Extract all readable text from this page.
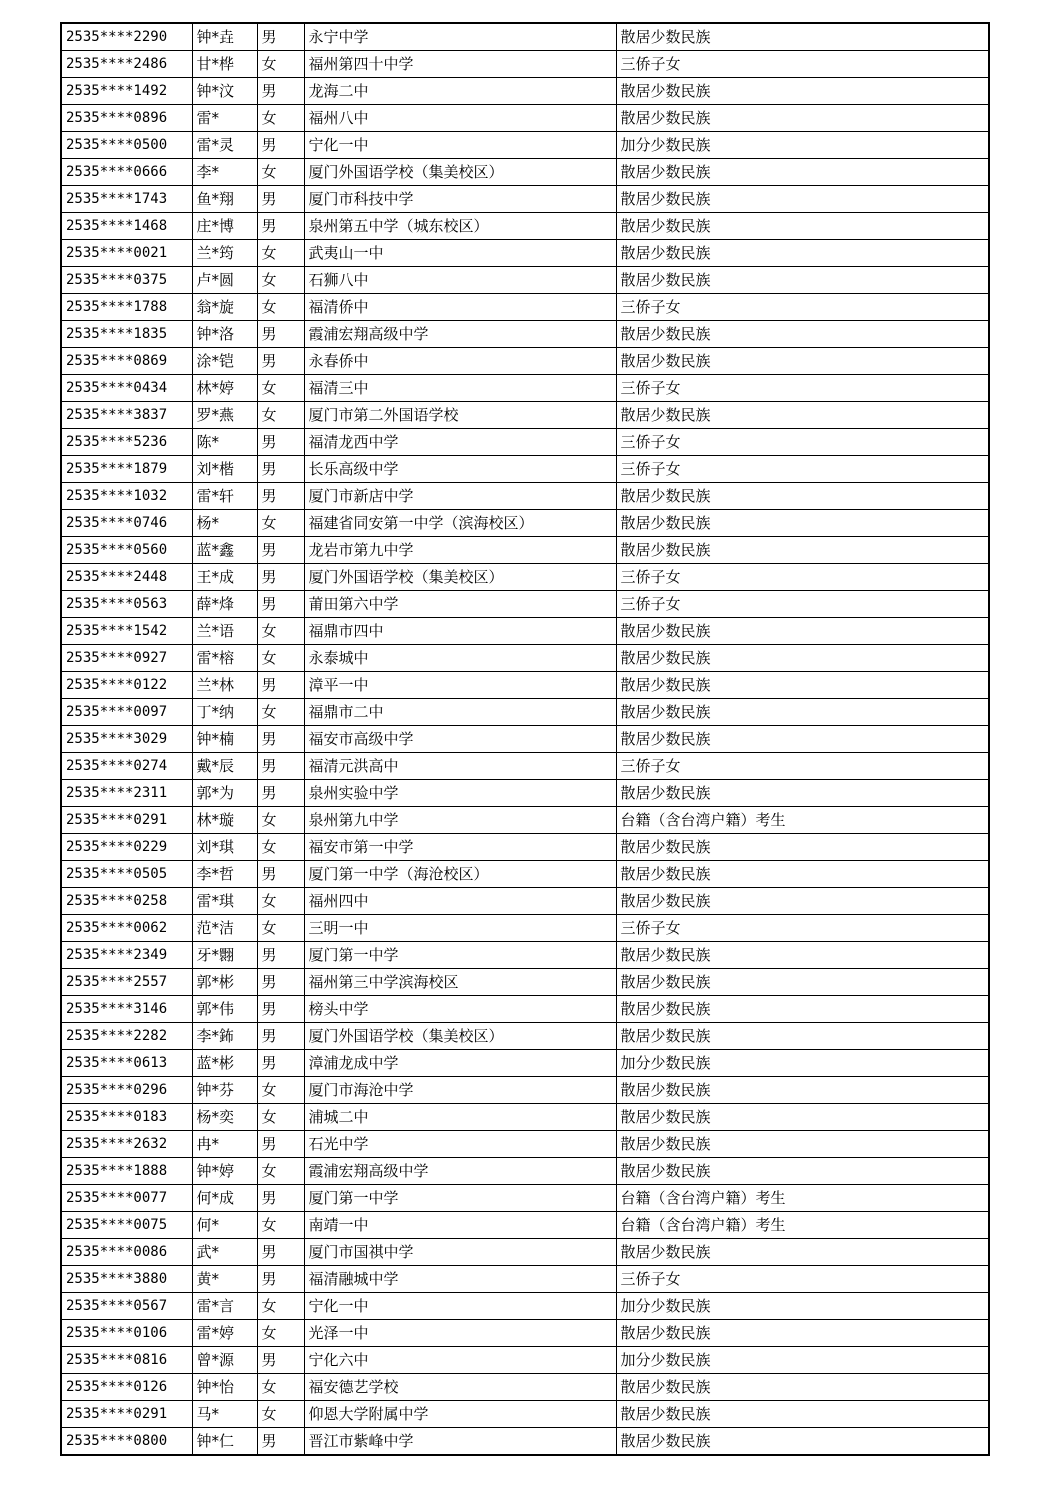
2535****2290	钟*垚	男	永宁中学	散居少数民族
2535****2486	甘*桦	女	福州第四十中学	三侨子女
2535****1492	钟*汶	男	龙海二中	散居少数民族
2535****0896	雷*	女	福州八中	散居少数民族
2535****0500	雷*灵	男	宁化一中	加分少数民族
2535****0666	李*	女	厦门外国语学校（集美校区）	散居少数民族
2535****1743	鱼*翔	男	厦门市科技中学	散居少数民族
2535****1468	庄*博	男	泉州第五中学（城东校区）	散居少数民族
2535****0021	兰*筠	女	武夷山一中	散居少数民族
2535****0375	卢*圆	女	石狮八中	散居少数民族
2535****1788	翁*旋	女	福清侨中	三侨子女
2535****1835	钟*洛	男	霞浦宏翔高级中学	散居少数民族
2535****0869	涂*铠	男	永春侨中	散居少数民族
2535****0434	林*婷	女	福清三中	三侨子女
2535****3837	罗*燕	女	厦门市第二外国语学校	散居少数民族
2535****5236	陈*	男	福清龙西中学	三侨子女
2535****1879	刘*楷	男	长乐高级中学	三侨子女
2535****1032	雷*轩	男	厦门市新店中学	散居少数民族
2535****0746	杨*	女	福建省同安第一中学（滨海校区）	散居少数民族
2535****0560	蓝*鑫	男	龙岩市第九中学	散居少数民族
2535****2448	王*成	男	厦门外国语学校（集美校区）	三侨子女
2535****0563	薛*烽	男	莆田第六中学	三侨子女
2535****1542	兰*语	女	福鼎市四中	散居少数民族
2535****0927	雷*榕	女	永泰城中	散居少数民族
2535****0122	兰*林	男	漳平一中	散居少数民族
2535****0097	丁*纳	女	福鼎市二中	散居少数民族
2535****3029	钟*楠	男	福安市高级中学	散居少数民族
2535****0274	戴*辰	男	福清元洪高中	三侨子女
2535****2311	郭*为	男	泉州实验中学	散居少数民族
2535****0291	林*璇	女	泉州第九中学	台籍（含台湾户籍）考生
2535****0229	刘*琪	女	福安市第一中学	散居少数民族
2535****0505	李*哲	男	厦门第一中学（海沧校区）	散居少数民族
2535****0258	雷*琪	女	福州四中	散居少数民族
2535****0062	范*洁	女	三明一中	三侨子女
2535****2349	牙*翾	男	厦门第一中学	散居少数民族
2535****2557	郭*彬	男	福州第三中学滨海校区	散居少数民族
2535****3146	郭*伟	男	榜头中学	散居少数民族
2535****2282	李*鈽	男	厦门外国语学校（集美校区）	散居少数民族
2535****0613	蓝*彬	男	漳浦龙成中学	加分少数民族
2535****0296	钟*芬	女	厦门市海沧中学	散居少数民族
2535****0183	杨*奕	女	浦城二中	散居少数民族
2535****2632	冉*	男	石光中学	散居少数民族
2535****1888	钟*婷	女	霞浦宏翔高级中学	散居少数民族
2535****0077	何*成	男	厦门第一中学	台籍（含台湾户籍）考生
2535****0075	何*	女	南靖一中	台籍（含台湾户籍）考生
2535****0086	武*	男	厦门市国祺中学	散居少数民族
2535****3880	黄*	男	福清融城中学	三侨子女
2535****0567	雷*言	女	宁化一中	加分少数民族
2535****0106	雷*婷	女	光泽一中	散居少数民族
2535****0816	曾*源	男	宁化六中	加分少数民族
2535****0126	钟*怡	女	福安德艺学校	散居少数民族
2535****0291	马*	女	仰恩大学附属中学	散居少数民族
2535****0800	钟*仁	男	晋江市紫峰中学	散居少数民族
